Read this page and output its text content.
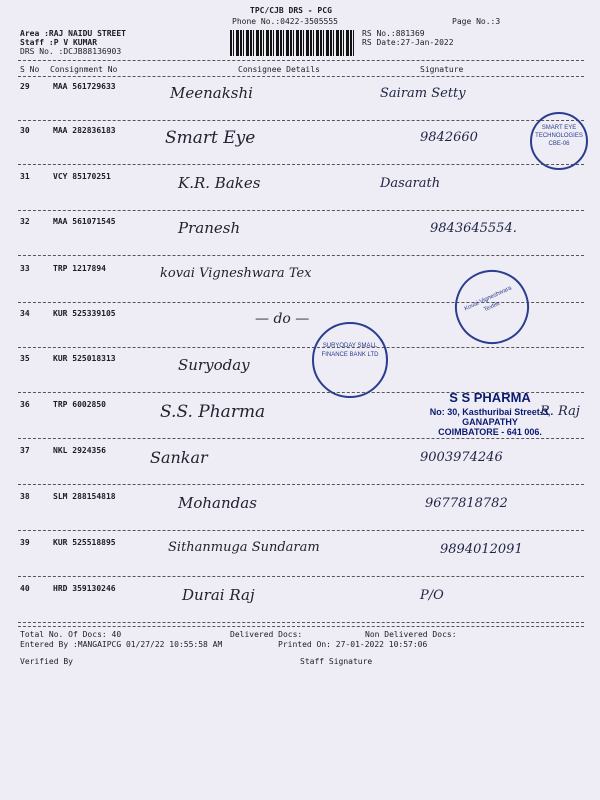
TPC/CJB DRS - PCG
Phone No.:0422-3505555	Page No.:3
Area :RAJ NAIDU STREET
Staff :P V KUMAR
DRS No. :DCJB88136903
RS No.:881369
RS Date:27-Jan-2022
S No Consignment No	Consignee Details	Signature
29	MAA 561729633	Meenakshi	Sairam Setty
30	MAA 282836183	Smart Eye	9842660
31	VCY 85170251	K.R. Bakes	Dasarath
32	MAA 561071545	Pranesh	9843645554.
33	TRP 1217894	kovai Vigneshwara Tex
34	KUR 525339105	— do —
35	KUR 525018313	Suryoday
36	TRP 6002850	S.S. Pharma	R. Raj
37	NKL 2924356	Sankar	9003974246
38	SLM 288154818	Mohandas	9677818782
39	KUR 525518895	Sithanmuga Sundaram	9894012091
40	HRD 359130246	Durai Raj	P/O
SMART EYE TECHNOLOGIES CBE-06
SURYODAY SMALL FINANCE BANK LTD
Kovai Vigneshwara Textile
S S PHARMA
No: 30, Kasthuribai Street-3,
GANAPATHY
COIMBATORE - 641 006.
Total No. Of Docs: 40	Delivered Docs:	Non Delivered Docs:
Entered By :MANGAIPCG 01/27/22 10:55:58 AM	Printed On: 27-01-2022 10:57:06
Verified By	Staff Signature
